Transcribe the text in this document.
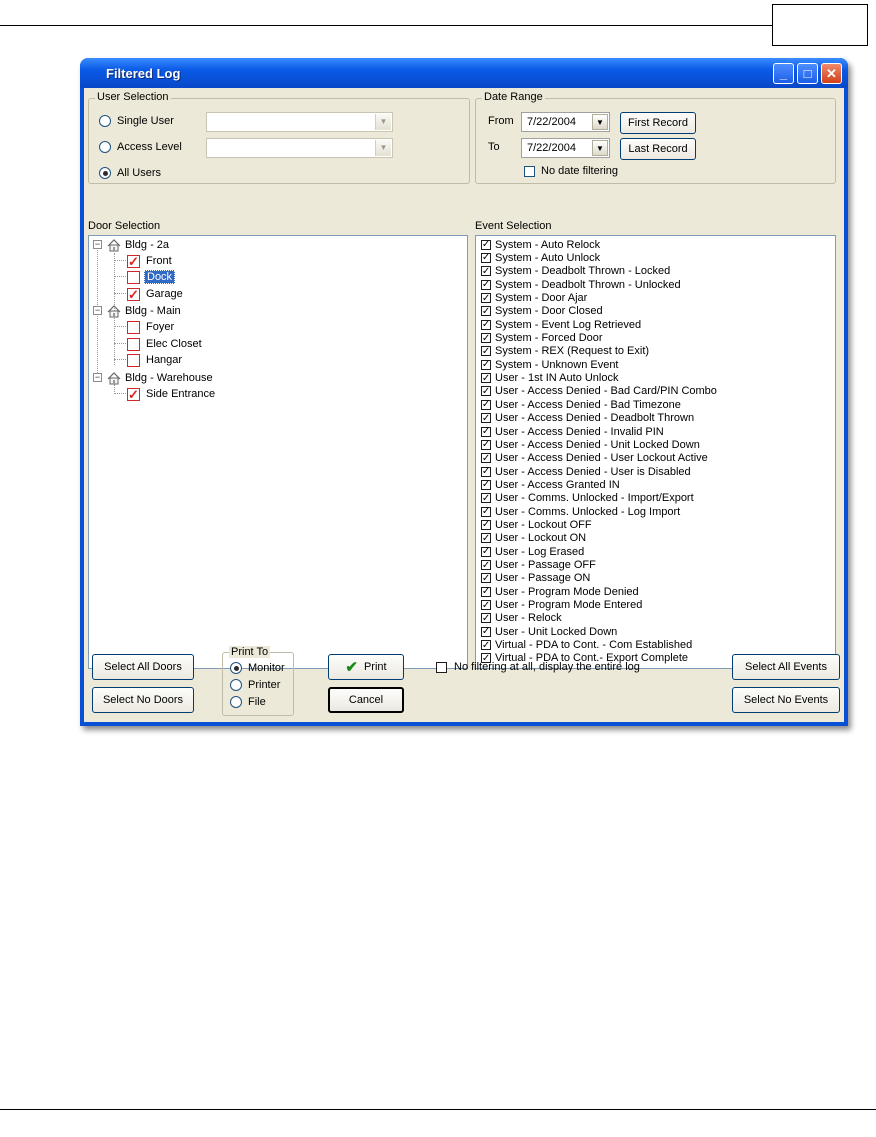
Filtered Log	_	□	✕
User Selection
Single User	▼
Access Level	▼
All Users
Date Range
From 7/22/2004	▼	First Record
To 7/22/2004	▼	Last Record
No date filtering
Door Selection	Event Selection
− Bldg - 2a
✓
Front
Dock
✓
Garage
− Bldg - Main
Foyer
Elec Closet
Hangar
− Bldg - Warehouse
✓
Side Entrance
✓ System - Auto Relock
✓ System - Auto Unlock
✓ System - Deadbolt Thrown - Locked
✓ System - Deadbolt Thrown - Unlocked
✓ System - Door Ajar
✓ System - Door Closed
✓ System - Event Log Retrieved
✓ System - Forced Door
✓ System - REX (Request to Exit)
✓ System - Unknown Event
✓ User - 1st IN Auto Unlock
✓ User - Access Denied - Bad Card/PIN Combo
✓ User - Access Denied - Bad Timezone
✓ User - Access Denied - Deadbolt Thrown
✓ User - Access Denied - Invalid PIN
✓ User - Access Denied - Unit Locked Down
✓ User - Access Denied - User Lockout Active
✓ User - Access Denied - User is Disabled
✓ User - Access Granted IN
✓ User - Comms. Unlocked - Import/Export
✓ User - Comms. Unlocked - Log Import
✓ User - Lockout OFF
✓ User - Lockout ON
✓ User - Log Erased
✓ User - Passage OFF
✓ User - Passage ON
✓ User - Program Mode Denied
✓ User - Program Mode Entered
✓ User - Relock
✓ User - Unit Locked Down
✓ Virtual - PDA to Cont. - Com Established
✓ Virtual - PDA to Cont.- Export Complete
Select All Doors
Select No Doors
Print To
Monitor
Printer
File
✔ Print
Cancel
No filtering at all, display the entire log	Select All Events
Select No Events
